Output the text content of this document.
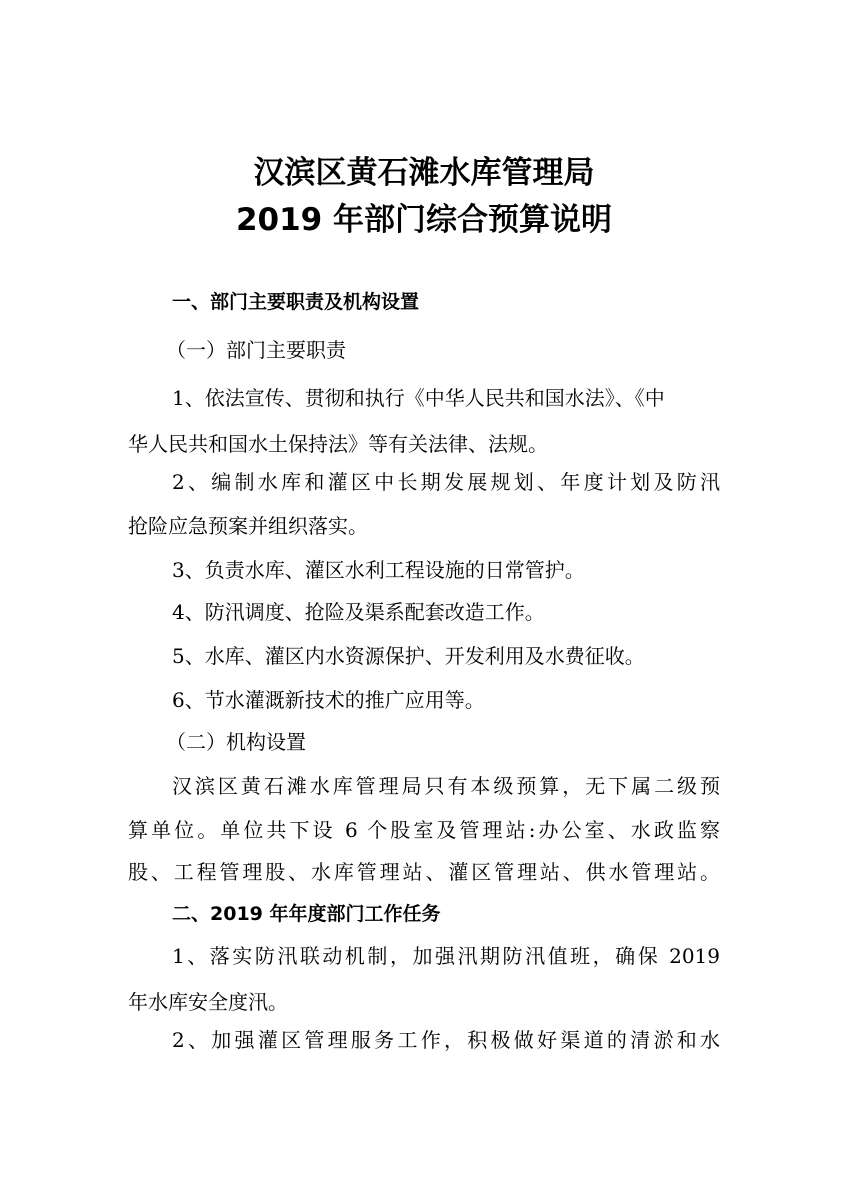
汉滨区黄石滩水库管理局
2019 年部门综合预算说明
一、部门主要职责及机构设置
（一）部门主要职责
1、依法宣传、贯彻和执行《中华人民共和国水法》、《中
华人民共和国水土保持法》等有关法律、法规。
2、编制水库和灌区中长期发展规划、年度计划及防汛
抢险应急预案并组织落实。
3、负责水库、灌区水利工程设施的日常管护。
4、防汛调度、抢险及渠系配套改造工作。
5、水库、灌区内水资源保护、开发利用及水费征收。
6、节水灌溉新技术的推广应用等。
（二）机构设置
汉滨区黄石滩水库管理局只有本级预算，无下属二级预
算单位。单位共下设 6 个股室及管理站:办公室、水政监察
股、工程管理股、水库管理站、灌区管理站、供水管理站。
二、2019 年年度部门工作任务
1、落实防汛联动机制，加强汛期防汛值班，确保 2019
年水库安全度汛。
2、加强灌区管理服务工作，积极做好渠道的清淤和水
